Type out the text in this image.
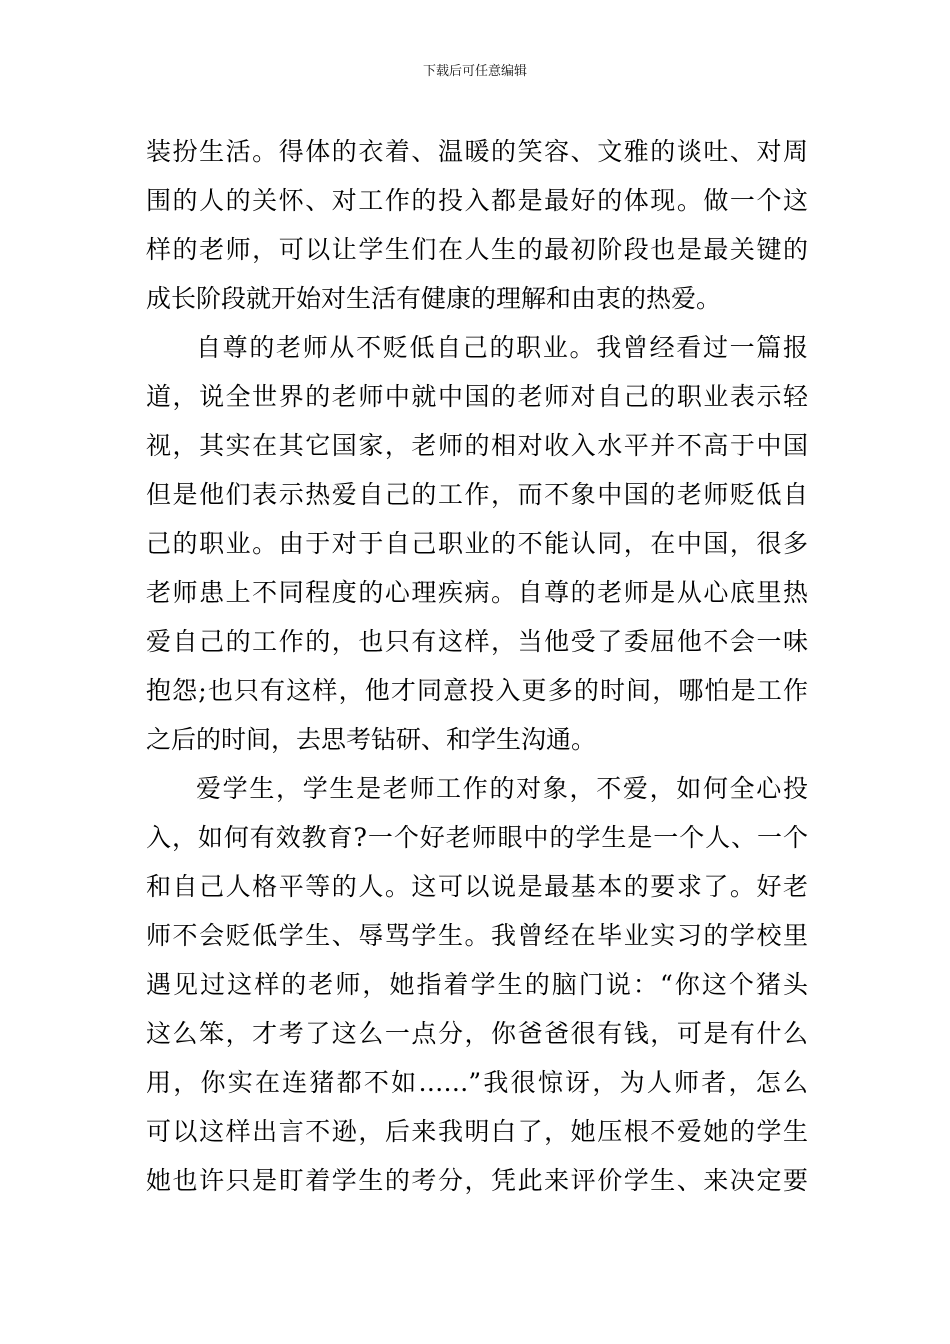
下载后可任意编辑
装扮生活。得体的衣着、温暖的笑容、文雅的谈吐、对周
围的人的关怀、对工作的投入都是最好的体现。做一个这
样的老师，可以让学生们在人生的最初阶段也是最关键的
成长阶段就开始对生活有健康的理解和由衷的热爱。
自尊的老师从不贬低自己的职业。我曾经看过一篇报
道，说全世界的老师中就中国的老师对自己的职业表示轻
视，其实在其它国家，老师的相对收入水平并不高于中国
但是他们表示热爱自己的工作，而不象中国的老师贬低自
己的职业。由于对于自己职业的不能认同，在中国，很多
老师患上不同程度的心理疾病。自尊的老师是从心底里热
爱自己的工作的，也只有这样，当他受了委屈他不会一味
抱怨;也只有这样，他才同意投入更多的时间，哪怕是工作
之后的时间，去思考钻研、和学生沟通。
爱学生，学生是老师工作的对象，不爱，如何全心投
入，如何有效教育?一个好老师眼中的学生是一个人、一个
和自己人格平等的人。这可以说是最基本的要求了。好老
师不会贬低学生、辱骂学生。我曾经在毕业实习的学校里
遇见过这样的老师，她指着学生的脑门说：“你这个猪头
这么笨，才考了这么一点分，你爸爸很有钱，可是有什么
用，你实在连猪都不如……”我很惊讶，为人师者，怎么
可以这样出言不逊，后来我明白了，她压根不爱她的学生
她也许只是盯着学生的考分，凭此来评价学生、来决定要
